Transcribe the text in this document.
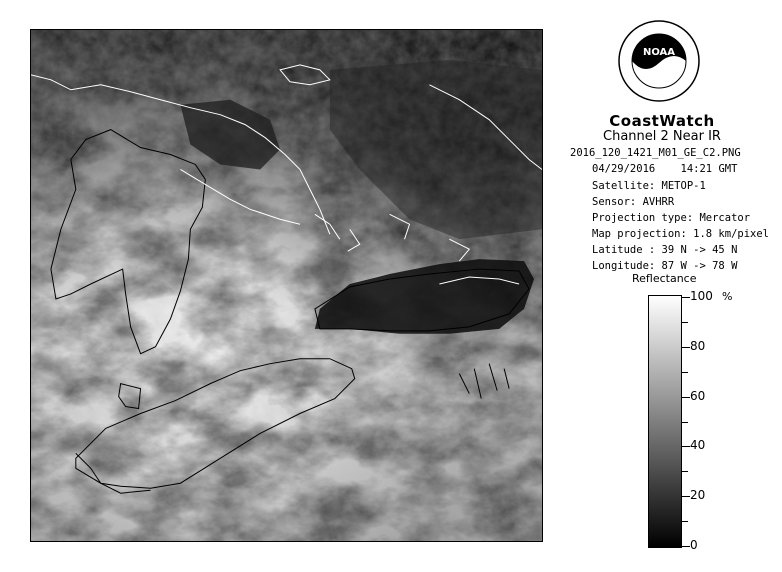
NOAA
CoastWatch
Channel 2 Near IR
2016_120_1421_M01_GE_C2.PNG
04/29/2016 14:21 GMT
Satellite: METOP-1
Sensor: AVHRR
Projection type: Mercator
Map projection: 1.8 km/pixel
Latitude : 39 N -> 45 N
Longitude: 87 W -> 78 W
Reflectance
%
100
80
60
40
20
0
